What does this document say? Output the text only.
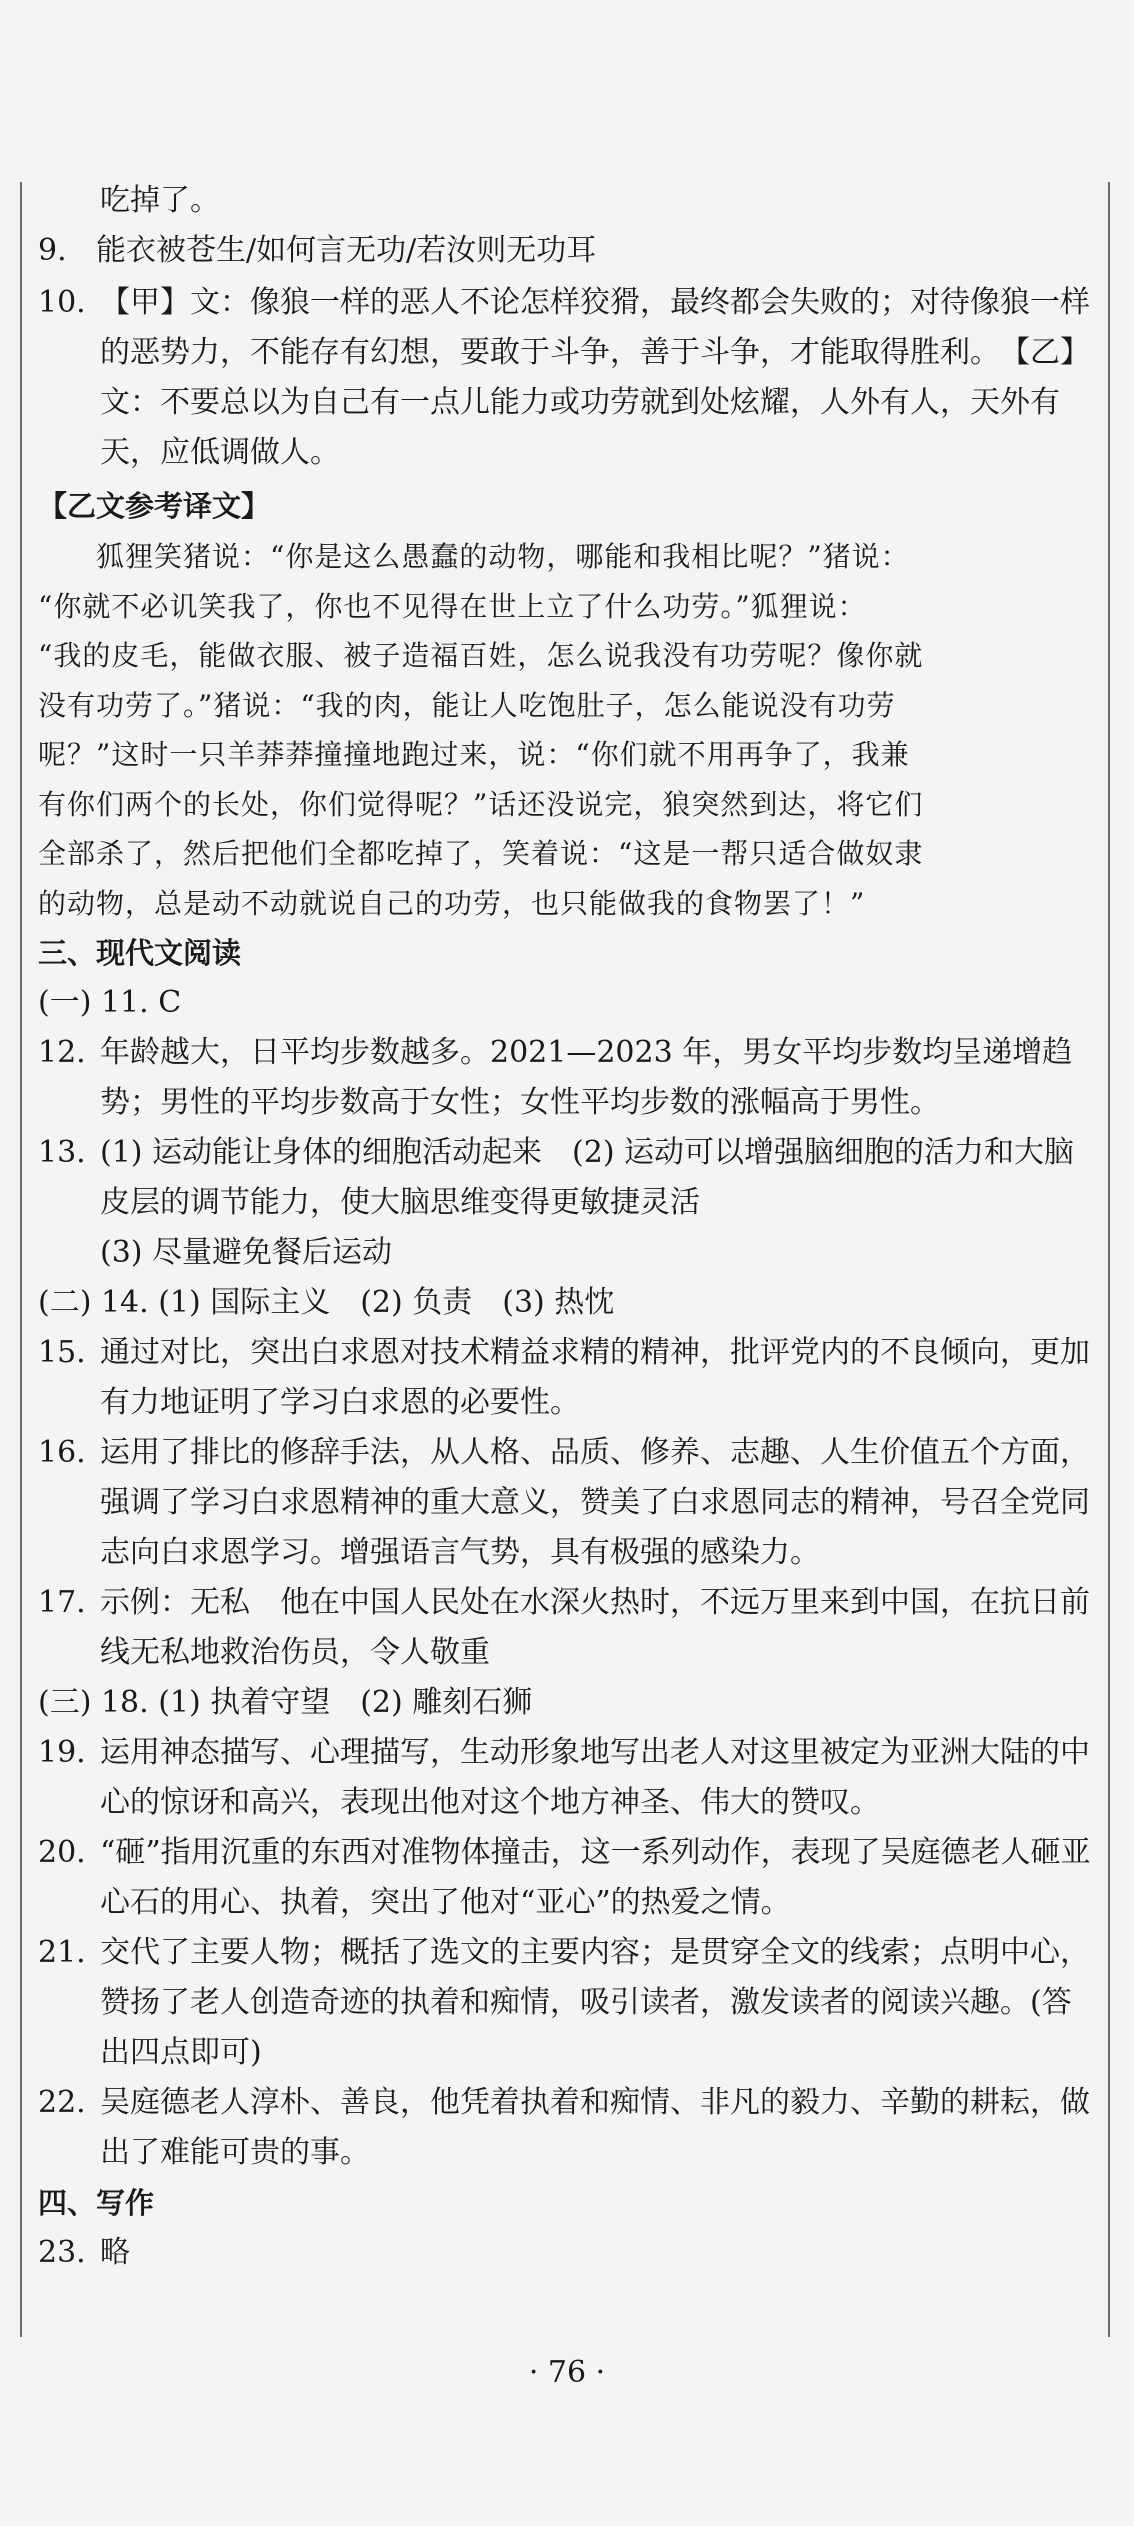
吃掉了。
9. 能衣被苍生/如何言无功/若汝则无功耳
10. 【甲】文：像狼一样的恶人不论怎样狡猾，最终都会失败的；对待像狼一样的恶势力，不能存有幻想，要敢于斗争，善于斗争，才能取得胜利。　【乙】文：不要总以为自己有一点儿能力或功劳就到处炫耀，人外有人，天外有天，应低调做人。
【乙文参考译文】

狐狸笑猪说：“你是这么愚蠢的动物，哪能和我相比呢？”猪说：

“你就不必讥笑我了，你也不见得在世上立了什么功劳。”狐狸说：

“我的皮毛，能做衣服、被子造福百姓，怎么说我没有功劳呢？像你就

没有功劳了。”猪说：“我的肉，能让人吃饱肚子，怎么能说没有功劳

呢？”这时一只羊莽莽撞撞地跑过来，说：“你们就不用再争了，我兼

有你们两个的长处，你们觉得呢？”话还没说完，狼突然到达，将它们

全部杀了，然后把他们全都吃掉了，笑着说：“这是一帮只适合做奴隶

的动物，总是动不动就说自己的功劳，也只能做我的食物罢了！”

三、现代文阅读
(一) 11. C
12. 年龄越大，日平均步数越多。2021—2023 年，男女平均步数均呈递增趋势；男性的平均步数高于女性；女性平均步数的涨幅高于男性。
13. (1) 运动能让身体的细胞活动起来　(2) 运动可以增强脑细胞的活力和大脑皮层的调节能力，使大脑思维变得更敏捷灵活
(3) 尽量避免餐后运动
(二) 14. (1) 国际主义　(2) 负责　(3) 热忱
15. 通过对比，突出白求恩对技术精益求精的精神，批评党内的不良倾向，更加有力地证明了学习白求恩的必要性。
16. 运用了排比的修辞手法，从人格、品质、修养、志趣、人生价值五个方面，强调了学习白求恩精神的重大意义，赞美了白求恩同志的精神，号召全党同志向白求恩学习。增强语言气势，具有极强的感染力。
17. 示例：无私　他在中国人民处在水深火热时，不远万里来到中国，在抗日前线无私地救治伤员，令人敬重
(三) 18. (1) 执着守望　(2) 雕刻石狮
19. 运用神态描写、心理描写，生动形象地写出老人对这里被定为亚洲大陆的中心的惊讶和高兴，表现出他对这个地方神圣、伟大的赞叹。
20. “砸”指用沉重的东西对准物体撞击，这一系列动作，表现了吴庭德老人砸亚心石的用心、执着，突出了他对“亚心”的热爱之情。
21. 交代了主要人物；概括了选文的主要内容；是贯穿全文的线索；点明中心，赞扬了老人创造奇迹的执着和痴情，吸引读者，激发读者的阅读兴趣。(答出四点即可)
22. 吴庭德老人淳朴、善良，他凭着执着和痴情、非凡的毅力、辛勤的耕耘，做出了难能可贵的事。
四、写作
23. 略
· 76 ·
